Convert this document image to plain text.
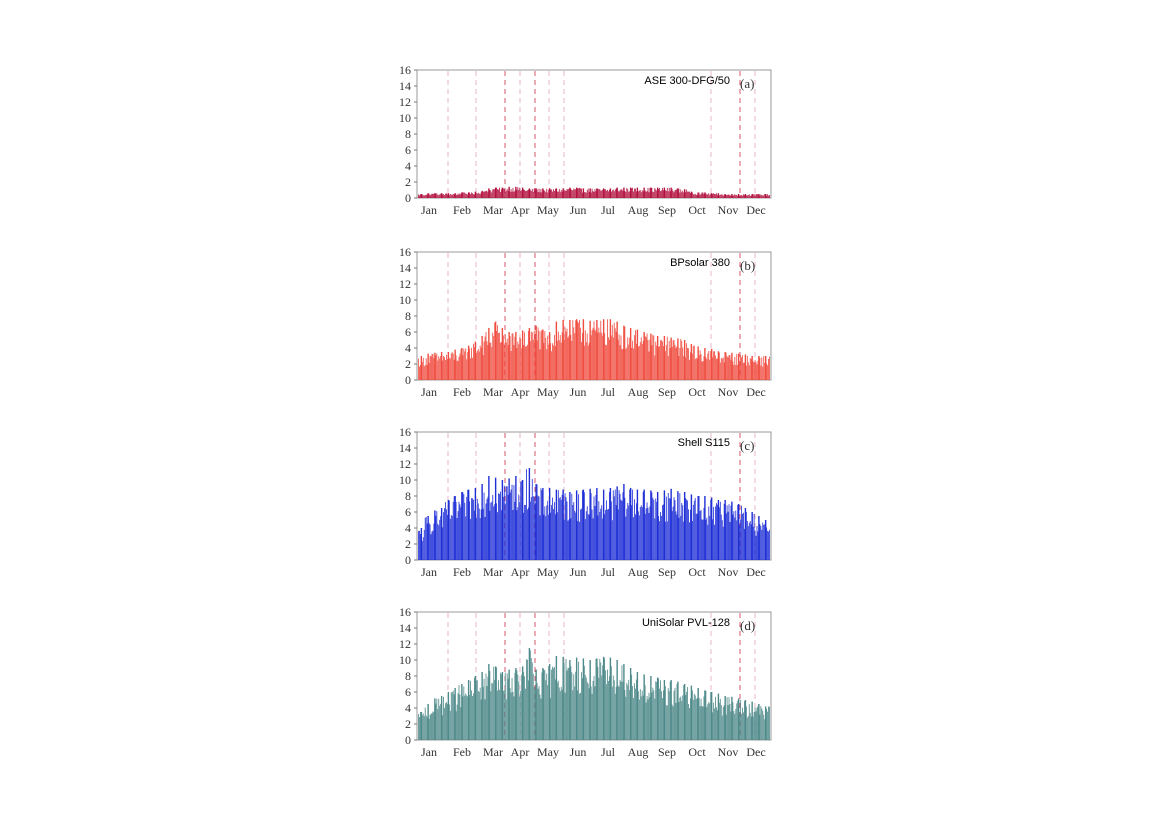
0
2
4
6
8
10
12
14
16
Jan Feb Mar Apr May Jun Jul Aug Sep Oct Nov Dec
ASE 300-DFG/50 (a)
0
2
4
6
8
10
12
14
16
Jan Feb Mar Apr May Jun Jul Aug Sep Oct Nov Dec
BPsolar 380 (b)
0
2
4
6
8
10
12
14
16
Jan Feb Mar Apr May Jun Jul Aug Sep Oct Nov Dec
Shell S115 (c)
0
2
4
6
8
10
12
14
16
Jan Feb Mar Apr May Jun Jul Aug Sep Oct Nov Dec
UniSolar PVL-128 (d)
